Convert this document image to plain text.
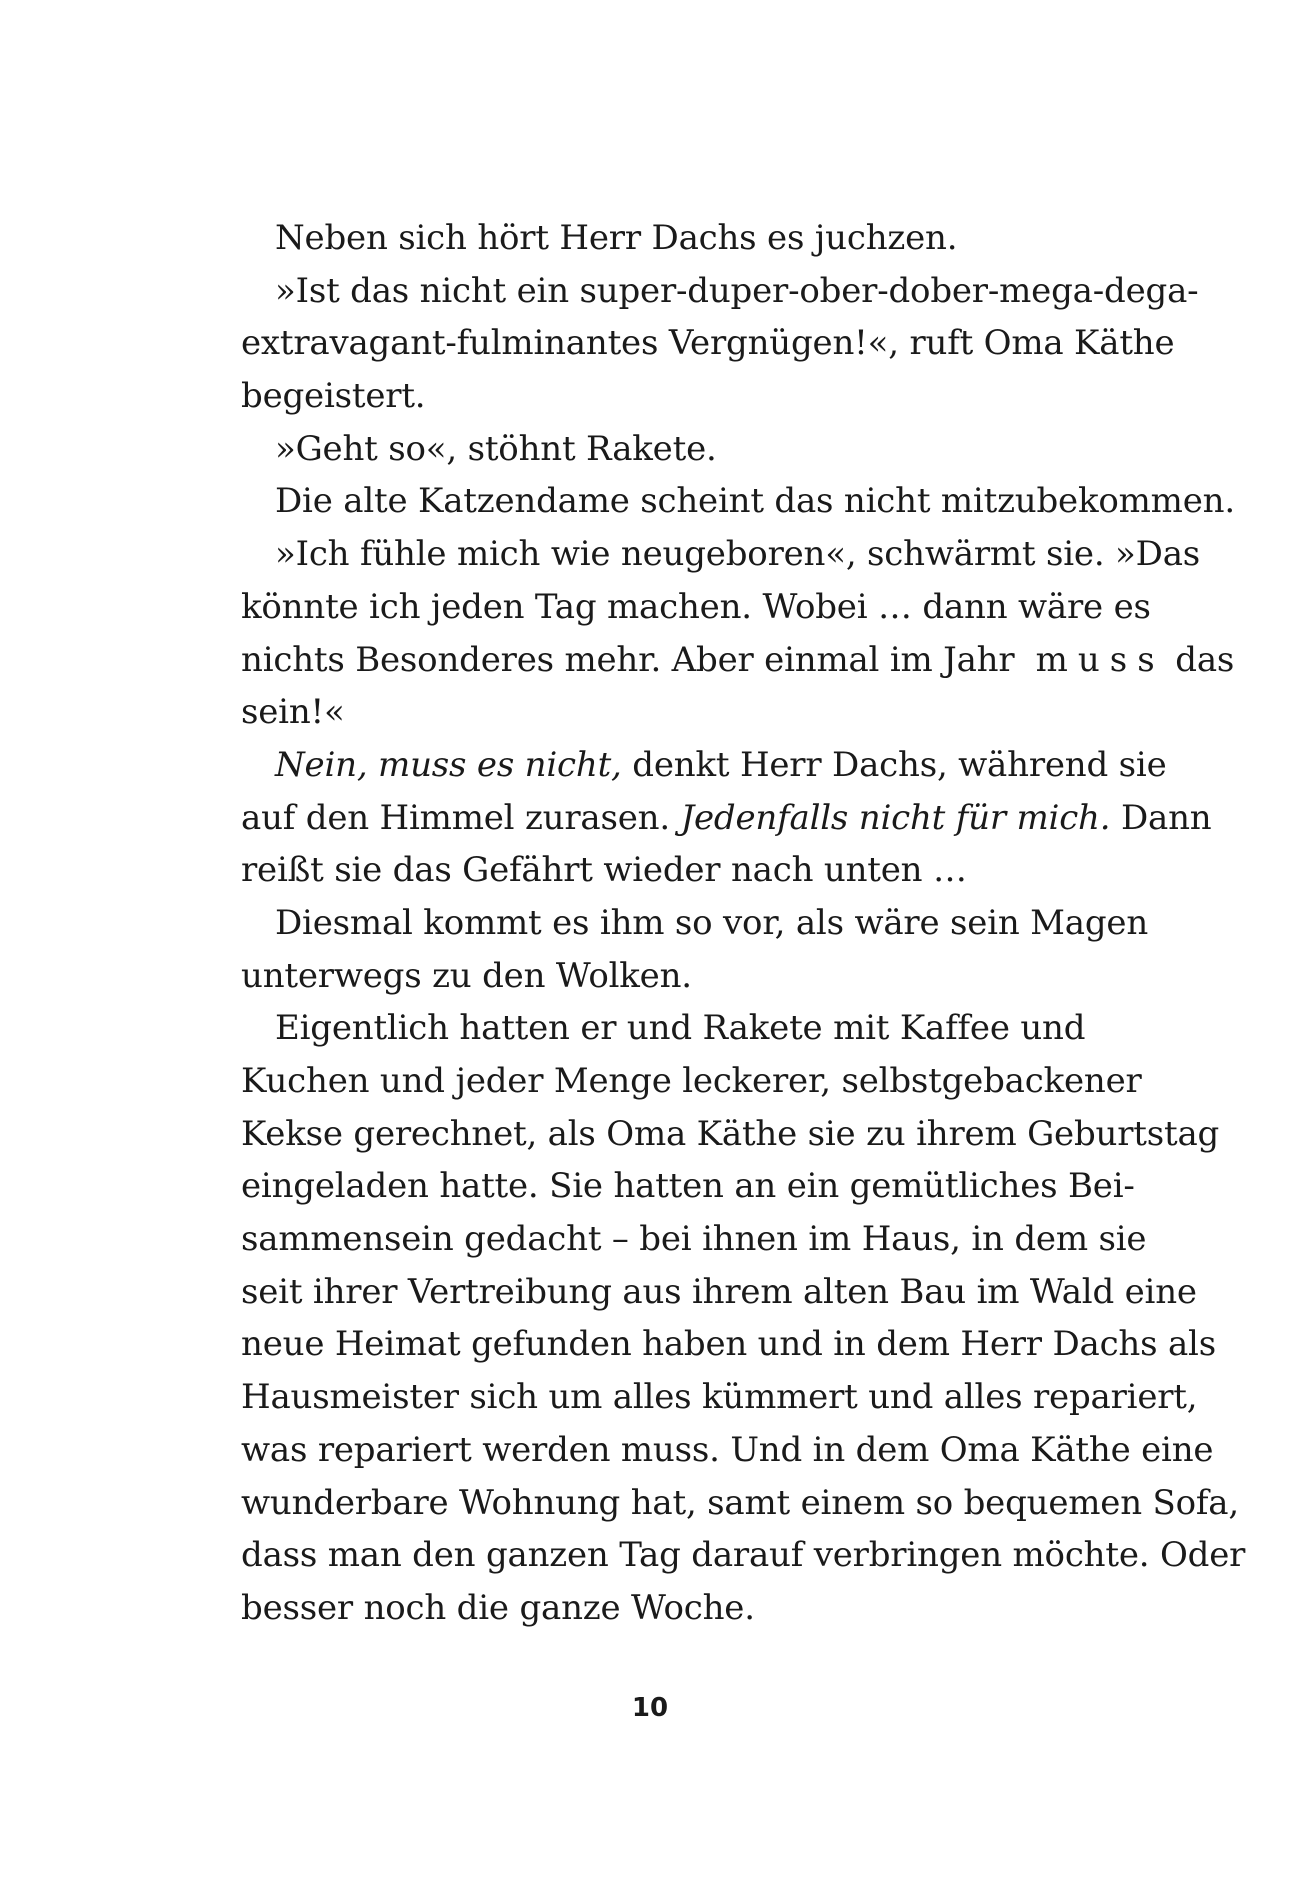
Neben sich hört Herr Dachs es juchzen.
»Ist das nicht ein super-duper-ober-dober-mega-dega-
extravagant-fulminantes Vergnügen!«, ruft Oma Käthe
begeistert.
»Geht so«, stöhnt Rakete.
Die alte Katzendame scheint das nicht mitzubekommen.
»Ich fühle mich wie neugeboren«, schwärmt sie. »Das
könnte ich jeden Tag machen. Wobei … dann wäre es
nichts Besonderes mehr. Aber einmal im Jahr muss das
sein!«
Nein, muss es nicht, denkt Herr Dachs, während sie
auf den Himmel zurasen. Jedenfalls nicht für mich. Dann
reißt sie das Gefährt wieder nach unten …
Diesmal kommt es ihm so vor, als wäre sein Magen
unterwegs zu den Wolken.
Eigentlich hatten er und Rakete mit Kaffee und
Kuchen und jeder Menge leckerer, selbstgebackener
Kekse gerechnet, als Oma Käthe sie zu ihrem Geburtstag
eingeladen hatte. Sie hatten an ein gemütliches Bei-
sammensein gedacht – bei ihnen im Haus, in dem sie
seit ihrer Vertreibung aus ihrem alten Bau im Wald eine
neue Heimat gefunden haben und in dem Herr Dachs als
Hausmeister sich um alles kümmert und alles repariert,
was repariert werden muss. Und in dem Oma Käthe eine
wunderbare Wohnung hat, samt einem so bequemen Sofa,
dass man den ganzen Tag darauf verbringen möchte. Oder
besser noch die ganze Woche.
10
